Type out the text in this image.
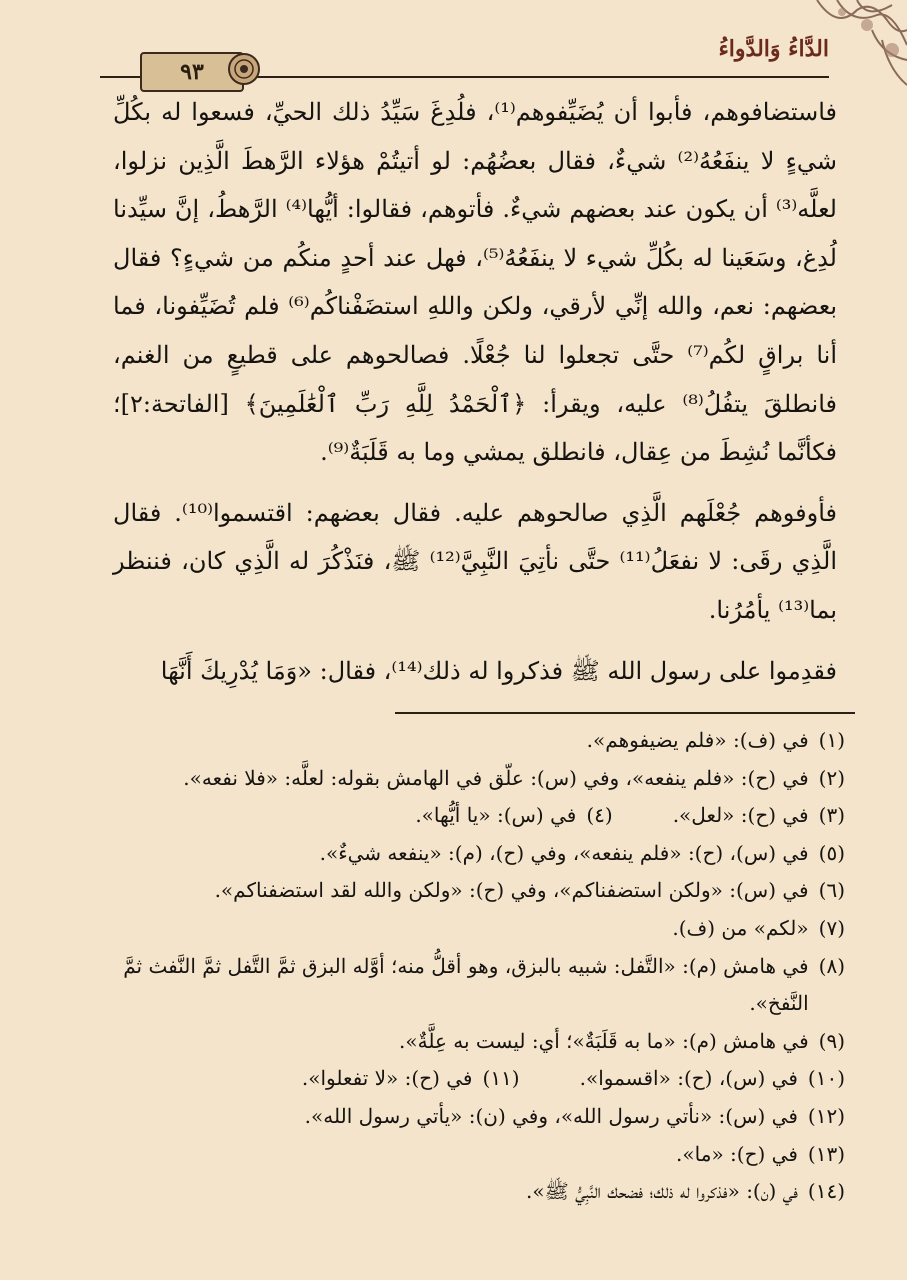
الدَّاءُ وَالدَّواءُ
٩٣

فاستضافوهم، فأبوا أن يُضَيِّفوهم⁽¹⁾، فلُدِغَ سَيِّدُ ذلك الحيِّ، فسعوا له بكُلِّ شيءٍ لا ينفَعُهُ⁽²⁾ شيءٌ، فقال بعضُهُم: لو أتيتُمْ هؤلاء الرَّهطَ الَّذِين نزلوا، لعلَّه⁽³⁾ أن يكون عند بعضهم شيءٌ. فأتوهم، فقالوا: أيُّها⁽⁴⁾ الرَّهطُ، إنَّ سيِّدنا لُدِغ، وسَعَينا له بكُلِّ شيء لا ينفَعُهُ⁽⁵⁾، فهل عند أحدٍ منكُم من شيءٍ؟ فقال بعضهم: نعم، والله إنِّي لأرقي، ولكن واللهِ استضَفْناكُم⁽⁶⁾ فلم تُضَيِّفونا، فما أنا براقٍ لكُم⁽⁷⁾ حتَّى تجعلوا لنا جُعْلًا. فصالحوهم على قطيعٍ من الغنم، فانطلقَ يتفُلُ⁽⁸⁾ عليه، ويقرأ: ﴿ٱلْحَمْدُ لِلَّهِ رَبِّ ٱلْعَٰلَمِينَ﴾ [الفاتحة:٢]؛ فكأنَّما نُشِطَ من عِقال، فانطلق يمشي وما به قَلَبَةٌ⁽⁹⁾.

فأوفوهم جُعْلَهم الَّذِي صالحوهم عليه. فقال بعضهم: اقتسموا⁽¹⁰⁾. فقال الَّذِي رقَى: لا نفعَلُ⁽¹¹⁾ حتَّى نأتِيَ النَّبِيَّ⁽¹²⁾ ﷺ، فنَذْكُرَ له الَّذِي كان، فننظر بما⁽¹³⁾ يأمُرُنا.

فقدِموا على رسول الله ﷺ فذكروا له ذلك⁽¹⁴⁾، فقال: «وَمَا يُدْرِيكَ أَنَّهَا

(١)
في (ف): «فلم يضيفوهم».
(٢)
في (ح): «فلم ينفعه»، وفي (س): علّق في الهامش بقوله: لعلَّه: «فلا نفعه».
(٣)
في (ح): «لعل».
(٤)
في (س): «يا أيُّها».
(٥)
في (س)، (ح): «فلم ينفعه»، وفي (ح)، (م): «ينفعه شيءٌ».
(٦)
في (س): «ولكن استضفناكم»، وفي (ح): «ولكن والله لقد استضفناكم».
(٧)
«لكم» من (ف).
(٨)
في هامش (م): «التَّفل: شبيه بالبزق، وهو أقلُّ منه؛ أوَّله البزق ثمَّ التَّفل ثمَّ النَّفث ثمَّ النَّفخ».
(٩)
في هامش (م): «ما به قَلَبَةٌ»؛ أي: ليست به عِلَّةٌ».
(١٠)
في (س)، (ح): «اقسموا».
(١١)
في (ح): «لا تفعلوا».
(١٢)
في (س): «نأتي رسول الله»، وفي (ن): «يأتي رسول الله».
(١٣)
في (ح): «ما».
(١٤)
في (ن): «فذكروا له ذلك؛ فضحك النَّبِيُّ ﷺ».
